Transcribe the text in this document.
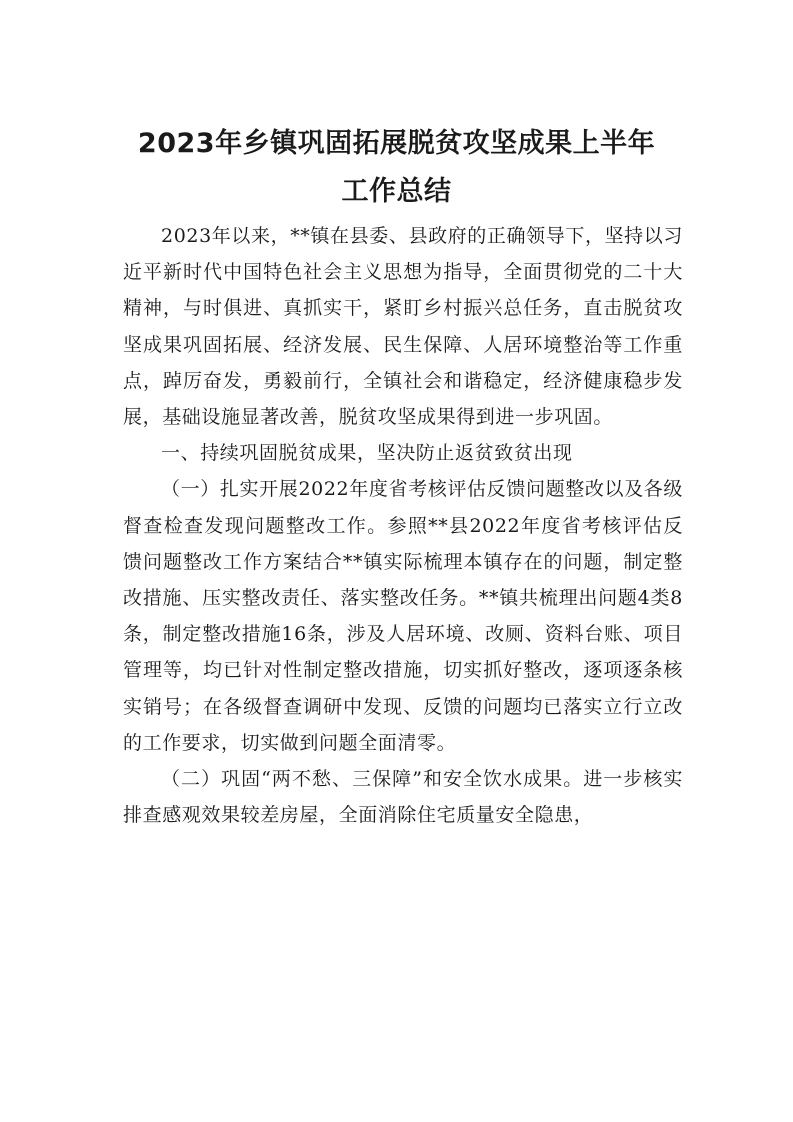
2023年乡镇巩固拓展脱贫攻坚成果上半年
工作总结

2023年以来，**镇在县委、县政府的正确领导下，坚持以习近平新时代中国特色社会主义思想为指导，全面贯彻党的二十大精神，与时俱进、真抓实干，紧盯乡村振兴总任务，直击脱贫攻坚成果巩固拓展、经济发展、民生保障、人居环境整治等工作重点，踔厉奋发，勇毅前行，全镇社会和谐稳定，经济健康稳步发展，基础设施显著改善，脱贫攻坚成果得到进一步巩固。

一、持续巩固脱贫成果，坚决防止返贫致贫出现

（一）扎实开展2022年度省考核评估反馈问题整改以及各级督查检查发现问题整改工作。参照**县2022年度省考核评估反馈问题整改工作方案结合**镇实际梳理本镇存在的问题，制定整改措施、压实整改责任、落实整改任务。**镇共梳理出问题4类8条，制定整改措施16条，涉及人居环境、改厕、资料台账、项目管理等，均已针对性制定整改措施，切实抓好整改，逐项逐条核实销号；在各级督查调研中发现、反馈的问题均已落实立行立改的工作要求，切实做到问题全面清零。

（二）巩固“两不愁、三保障”和安全饮水成果。进一步核实排查感观效果较差房屋，全面消除住宅质量安全隐患，
